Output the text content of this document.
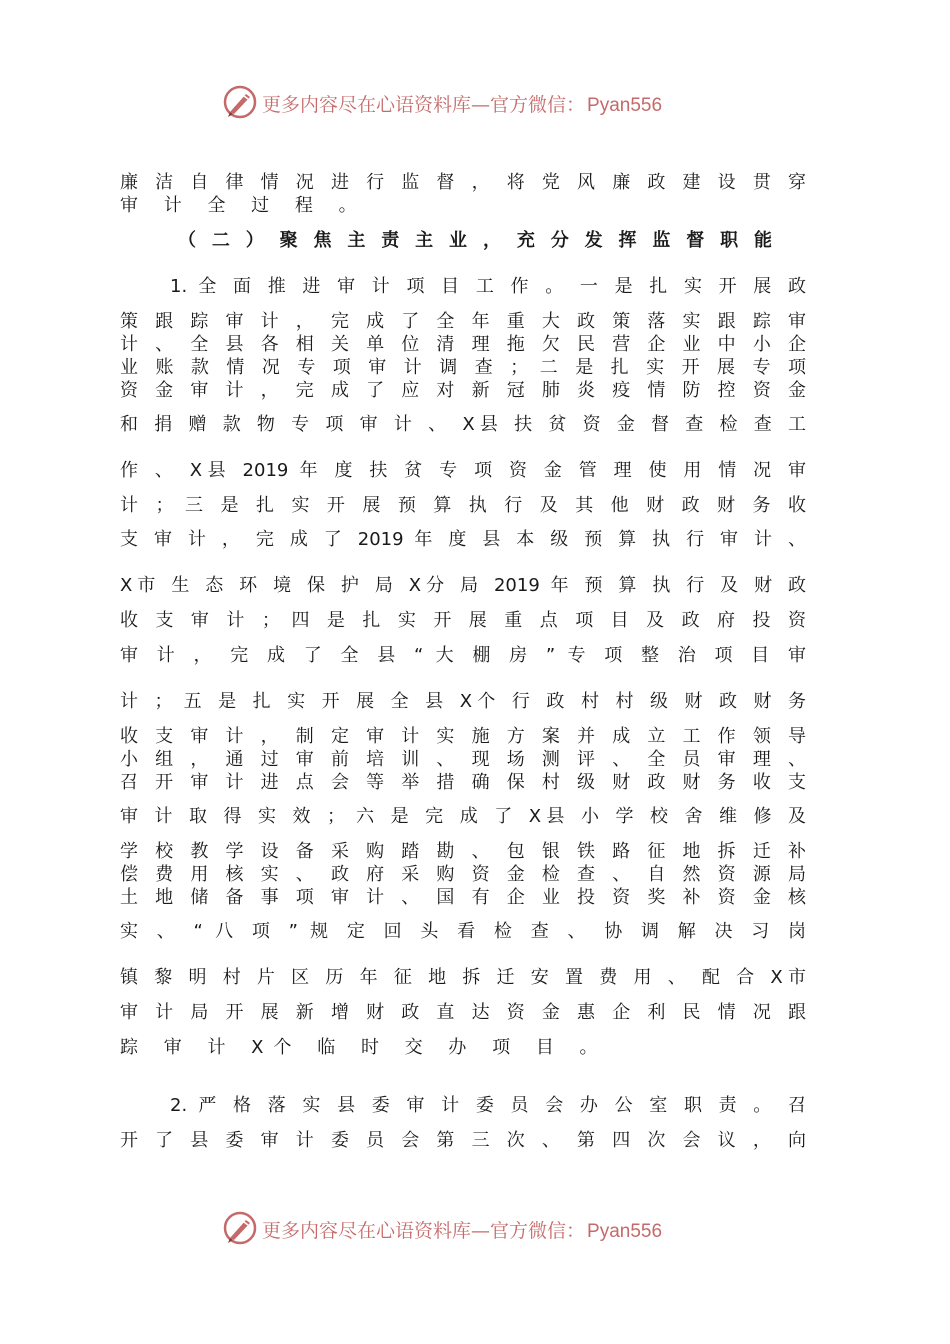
更多内容尽在心语资料库—官方微信： Pyan556
廉 洁 自 律 情 况 进 行 监 督 ， 将 党 风 廉 政 建 设 贯 穿
审 计 全 过 程 。
（ 二 ） 聚 焦 主 责 主 业 ， 充 分 发 挥 监 督 职 能
1. 全 面 推 进 审 计 项 目 工 作 。 一 是 扎 实 开 展 政
策 跟 踪 审 计 ， 完 成 了 全 年 重 大 政 策 落 实 跟 踪 审
计 、 全 县 各 相 关 单 位 清 理 拖 欠 民 营 企 业 中 小 企
业 账 款 情 况 专 项 审 计 调 查 ； 二 是 扎 实 开 展 专 项
资 金 审 计 ， 完 成 了 应 对 新 冠 肺 炎 疫 情 防 控 资 金
和 捐 赠 款 物 专 项 审 计 、 X县 扶 贫 资 金 督 查 检 查 工
作 、 X县 2019 年 度 扶 贫 专 项 资 金 管 理 使 用 情 况 审
计 ； 三 是 扎 实 开 展 预 算 执 行 及 其 他 财 政 财 务 收
支 审 计 ， 完 成 了 2019 年 度 县 本 级 预 算 执 行 审 计 、
X市 生 态 环 境 保 护 局 X分 局 2019 年 预 算 执 行 及 财 政
收 支 审 计 ； 四 是 扎 实 开 展 重 点 项 目 及 政 府 投 资
审 计 ， 完 成 了 全 县 “ 大 棚 房 ” 专 项 整 治 项 目 审
计 ； 五 是 扎 实 开 展 全 县 X个 行 政 村 村 级 财 政 财 务
收 支 审 计 ， 制 定 审 计 实 施 方 案 并 成 立 工 作 领 导
小 组 ， 通 过 审 前 培 训 、 现 场 测 评 、 全 员 审 理 、
召 开 审 计 进 点 会 等 举 措 确 保 村 级 财 政 财 务 收 支
审 计 取 得 实 效 ； 六 是 完 成 了 X县 小 学 校 舍 维 修 及
学 校 教 学 设 备 采 购 踏 勘 、 包 银 铁 路 征 地 拆 迁 补
偿 费 用 核 实 、 政 府 采 购 资 金 检 查 、 自 然 资 源 局
土 地 储 备 事 项 审 计 、 国 有 企 业 投 资 奖 补 资 金 核
实 、 “ 八 项 ” 规 定 回 头 看 检 查 、 协 调 解 决 习 岗
镇 黎 明 村 片 区 历 年 征 地 拆 迁 安 置 费 用 、 配 合 X市
审 计 局 开 展 新 增 财 政 直 达 资 金 惠 企 利 民 情 况 跟
踪 审 计 X个 临 时 交 办 项 目 。
2. 严 格 落 实 县 委 审 计 委 员 会 办 公 室 职 责 。 召
开 了 县 委 审 计 委 员 会 第 三 次 、 第 四 次 会 议 ， 向
更多内容尽在心语资料库—官方微信： Pyan556
